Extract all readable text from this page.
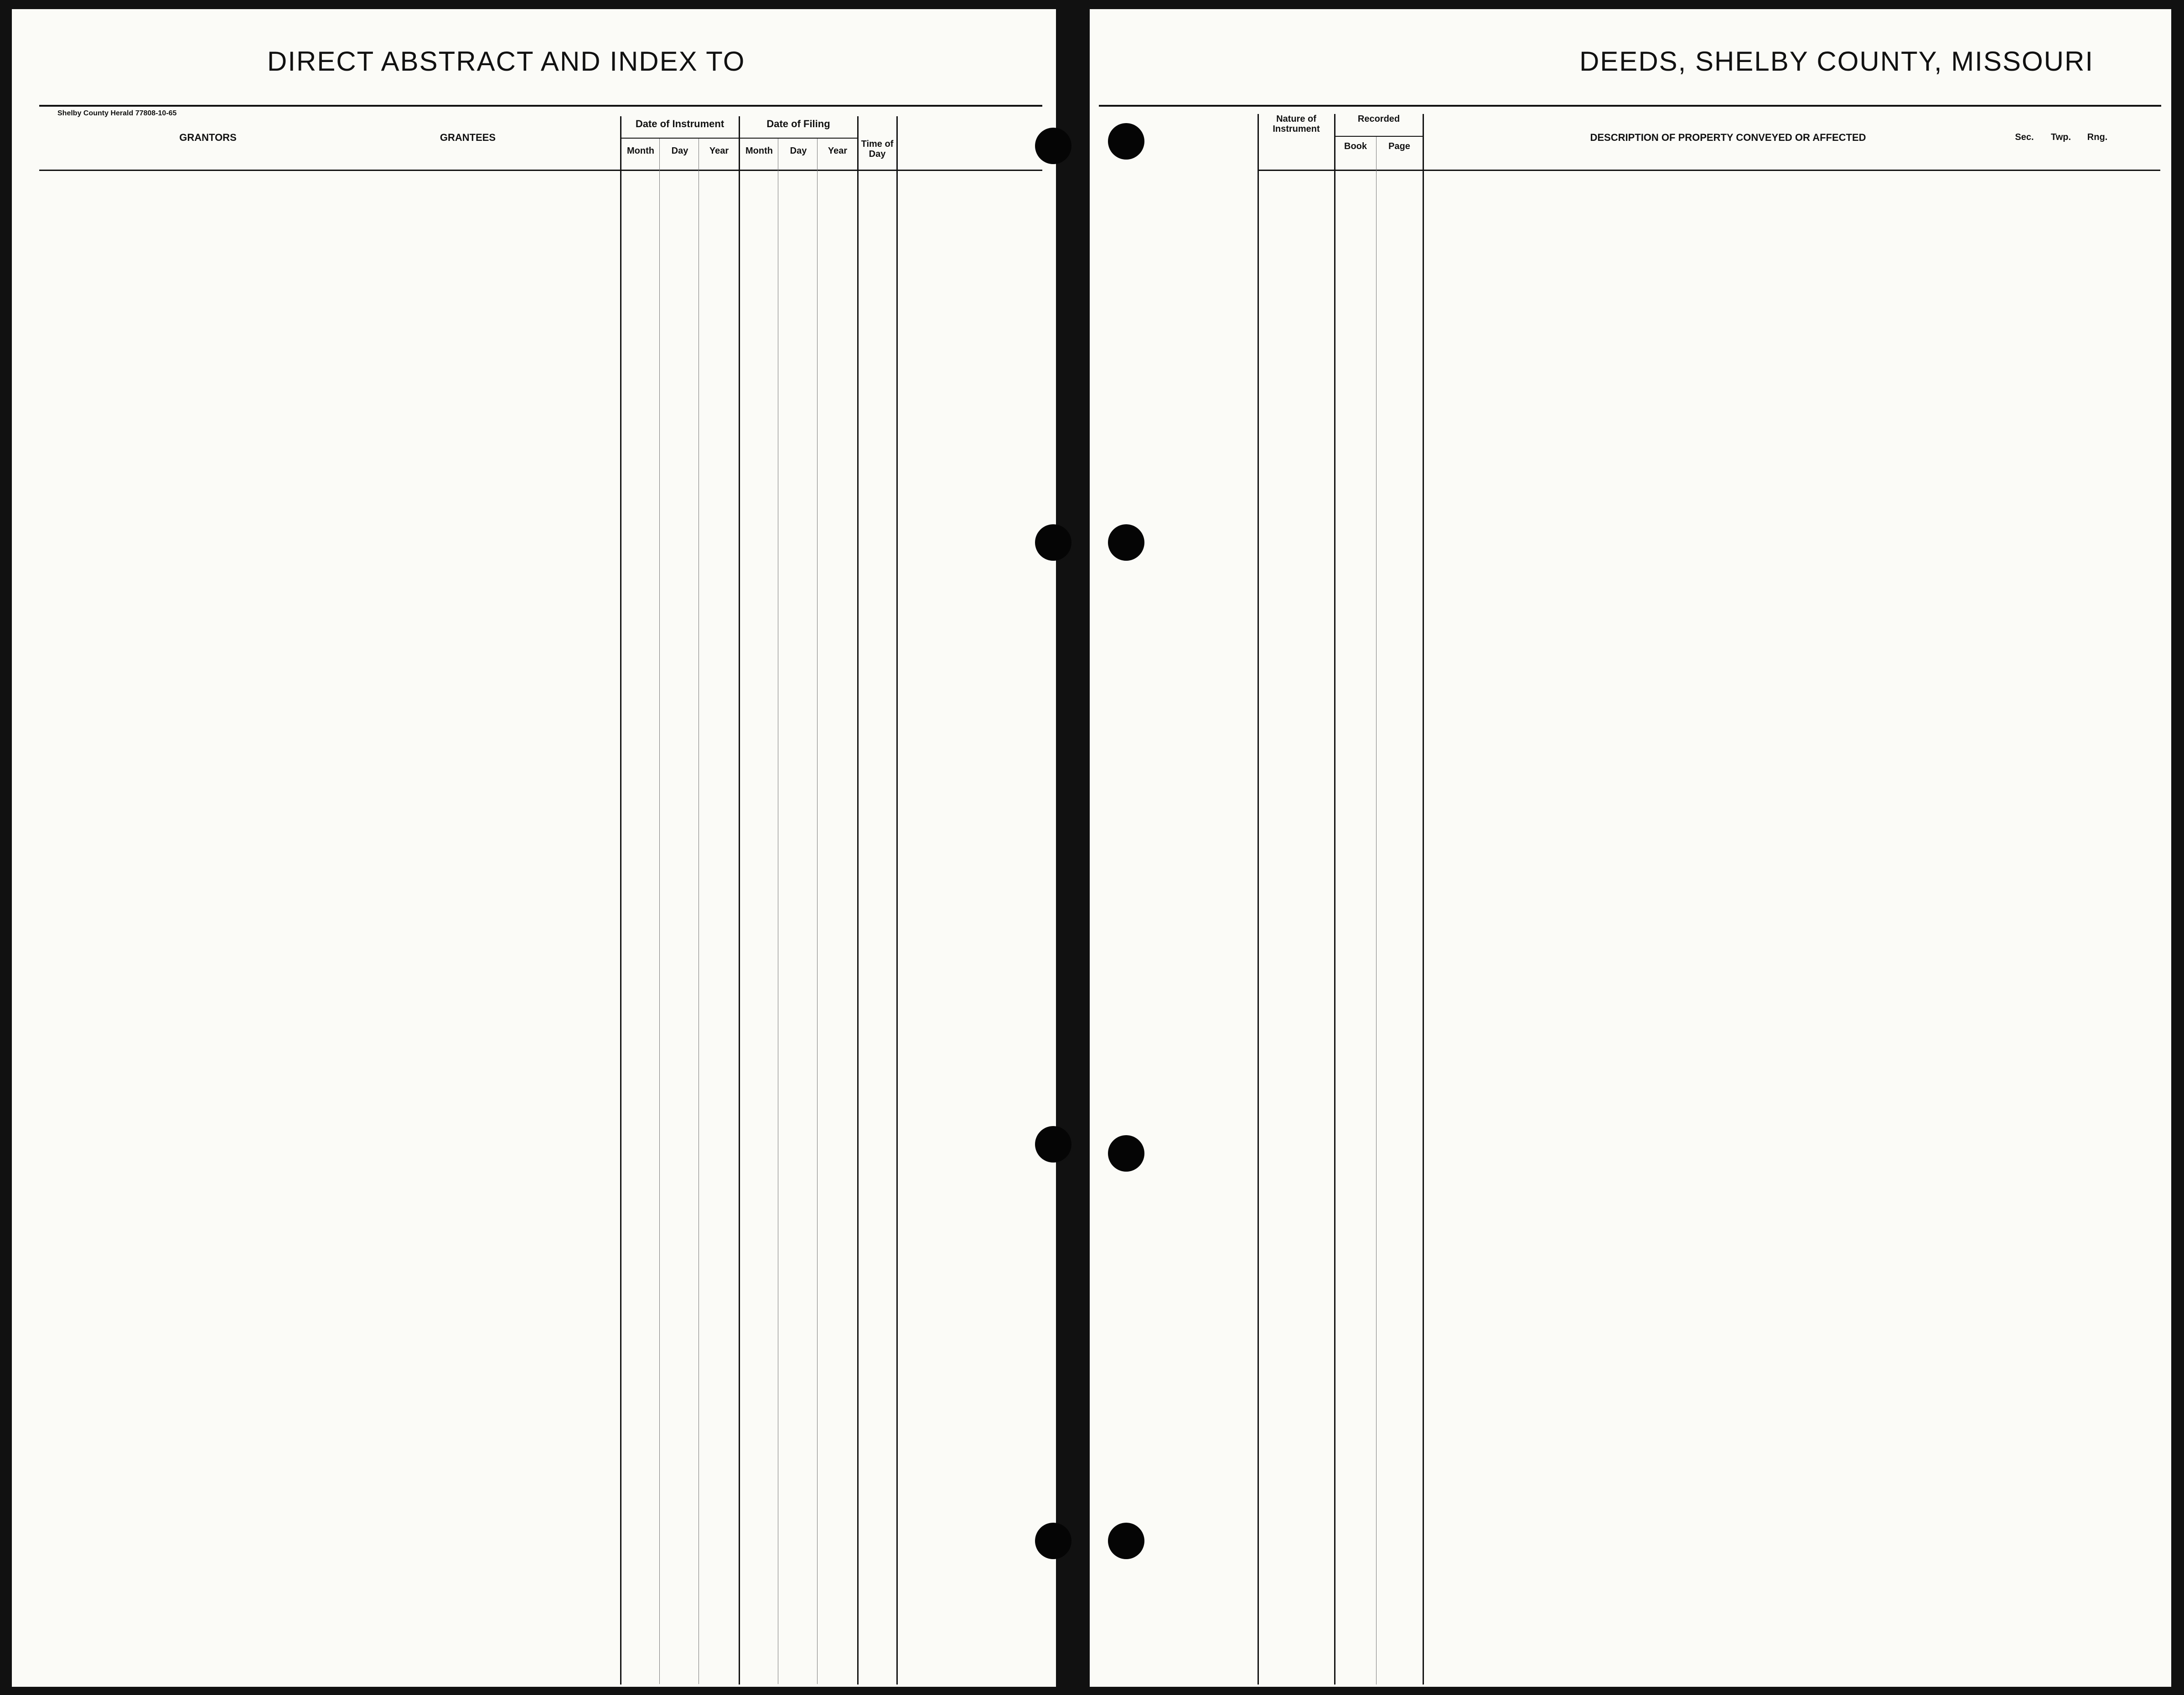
DIRECT ABSTRACT AND INDEX TO
Shelby County Herald 77808-10-65
GRANTORS	GRANTEES
Date of Instrument	Date of Filing
Month	Day	Year	Month	Day	Year
Time of Day
DEEDS, SHELBY COUNTY, MISSOURI
Nature of Instrument
Recorded
Book	Page
DESCRIPTION OF PROPERTY CONVEYED OR AFFECTED	Sec.	Twp.	Rng.
